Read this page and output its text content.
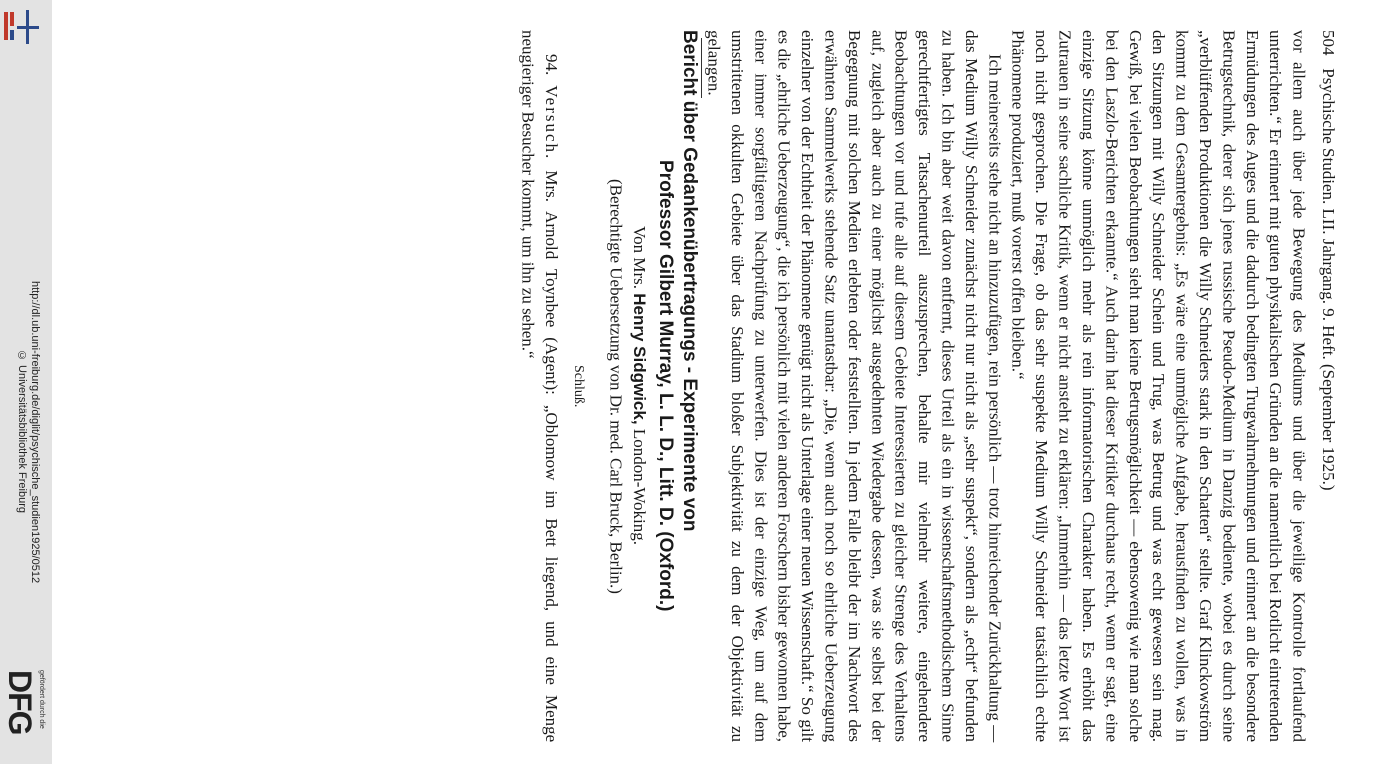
http://dl.ub.uni-freiburg.de/diglit/psychische_studien1925/0512
© Universitätsbibliothek Freiburg
DFG gefördert durch die
504   Psychische Studien. LII. Jahrgang. 9. Heft. (September 1925.)

vor allem auch über jede Bewegung des Mediums und über die jeweilige Kontrolle fortlaufend unterrichten.“ Er erinnert mit guten physikalischen Gründen an die namentlich bei Rotlicht eintretenden Ermüdungen des Auges und die dadurch bedingten Trugwahrnehmungen und erinnert an die besondere Betrugstechnik, derer sich jenes russische Pseudo-Medium in Danzig bediente, wobei es durch seine „verblüffenden Produktionen die Willy Schneiders stark in den Schatten“ stellte. Graf Klinckowström kommt zu dem Gesamtergebnis: „Es wäre eine unmögliche Aufgabe, herausfinden zu wollen, was in den Sitzungen mit Willy Schneider Schein und Trug, was Betrug und was echt gewesen sein mag. Gewiß, bei vielen Beobachtungen sieht man keine Betrugsmöglichkeit — ebensowenig wie man solche bei den Laszlo-Berichten erkannte.“ Auch darin hat dieser Kritiker durchaus recht, wenn er sagt, eine einzige Sitzung könne unmöglich mehr als rein informatorischen Charakter haben. Es erhöht das Zutrauen in seine sachliche Kritik, wenn er nicht ansteht zu erklären: „Immerhin — das letzte Wort ist noch nicht gesprochen. Die Frage, ob das sehr suspekte Medium Willy Schneider tatsächlich echte Phänomene produziert, muß vorerst offen bleiben.“

Ich meinerseits stehe nicht an hinzuzufügen, rein persönlich — trotz hinreichender Zurückhaltung — das Medium Willy Schneider zunächst nicht nur nicht als „sehr suspekt“, sondern als „echt“ befunden zu haben. Ich bin aber weit davon entfernt, dieses Urteil als ein in wissenschaftsmethodischem Sinne gerechtfertigtes Tatsachenurteil auszusprechen, behalte mir vielmehr weitere, eingehendere Beobachtungen vor und rufe alle auf diesem Gebiete Interessierten zu gleicher Strenge des Verhaltens auf, zugleich aber auch zu einer möglichst ausgedehnten Wiedergabe dessen, was sie selbst bei der Begegnung mit solchen Medien erlebten oder feststellten. In jedem Falle bleibt der im Nachwort des erwähnten Sammelwerks stehende Satz unantastbar: „Die, wenn auch noch so ehrliche Ueberzeugung einzelner von der Echtheit der Phänomene genügt nicht als Unterlage einer neuen Wissenschaft.“ So gilt es die „ehrliche Ueberzeugung“, die ich persönlich mit vielen anderen Forschern bisher gewonnen habe, einer immer sorgfältigeren Nachprüfung zu unterwerfen. Dies ist der einzige Weg, um auf dem umstrittenen okkulten Gebiete über das Stadium bloßer Subjektivität zu dem der Objektivität zu gelangen.

Bericht über Gedankenübertragungs - Experimente von
Professor Gilbert Murray, L. L. D., Litt. D. (Oxford.)

Von Mrs. Henry Sidgwick, London-Woking.

(Berechtigte Uebersetzung von Dr. med. Carl Bruck, Berlin.)

Schluß.

94. Versuch. Mrs. Arnold Toynbee (Agent): „Oblomow im Bett liegend, und eine Menge neugieriger Besucher kommt, um ihn zu sehen.“
